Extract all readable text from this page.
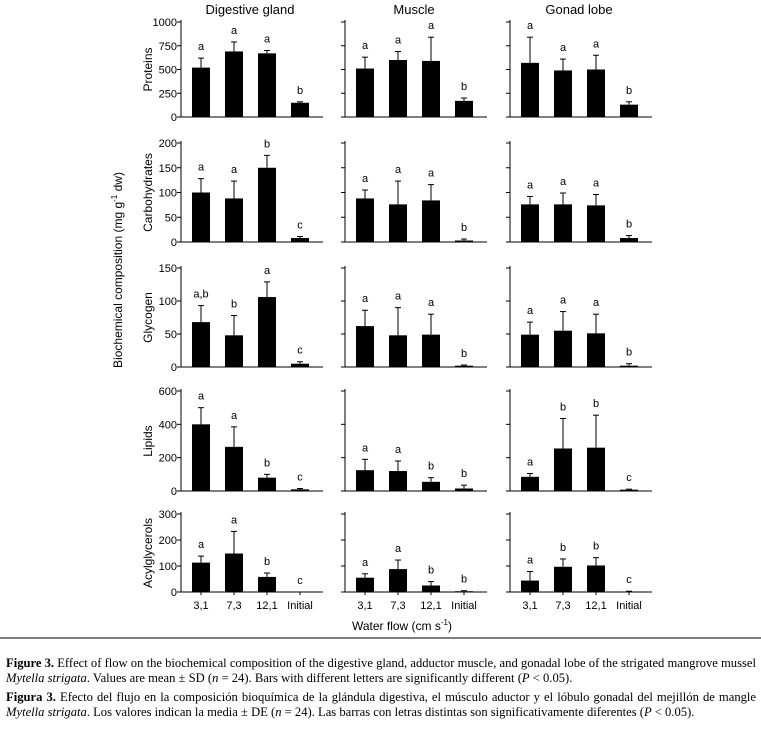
Digestive gland	Muscle	Gonad lobe
Proteins
0
250
500
750
1000
a
a
a
b
a a
a
b
a
a a
b
Carbohydrates
0
50
100
150
200
a a
b
c
a
a a
b
a a a
b
Glycogen
0
50
100
150
a,b
b
a
c
a a
a
b
a
a a
b
Lipids
0
200
400
600 a
a
b
c
a a
b
b
a
b b
c
Acylglycerols
0
100
200
300
a
a
b
c
a
a
b
b
a
b b
c
3,1 7,3 12,1 Initial	3,1 7,3 12,1 Initial	3,1 7,3 12,1 Initial
Water flow (cm $s^{-1}$)
Biochemical composition (mg $g^{-1}$ dw)
Figure 3. Effect of flow on the biochemical composition of the digestive gland, adductor muscle, and gonadal lobe of the strigated mangrove mussel Mytella strigata. Values are mean ± SD (n = 24). Bars with different letters are significantly different (P < 0.05).
Figura 3. Efecto del flujo en la composición bioquímica de la glándula digestiva, el músculo aductor y el lóbulo gonadal del mejillón de mangle Mytella strigata. Los valores indican la media ± DE (n = 24). Las barras con letras distintas son significativamente diferentes (P < 0.05).
